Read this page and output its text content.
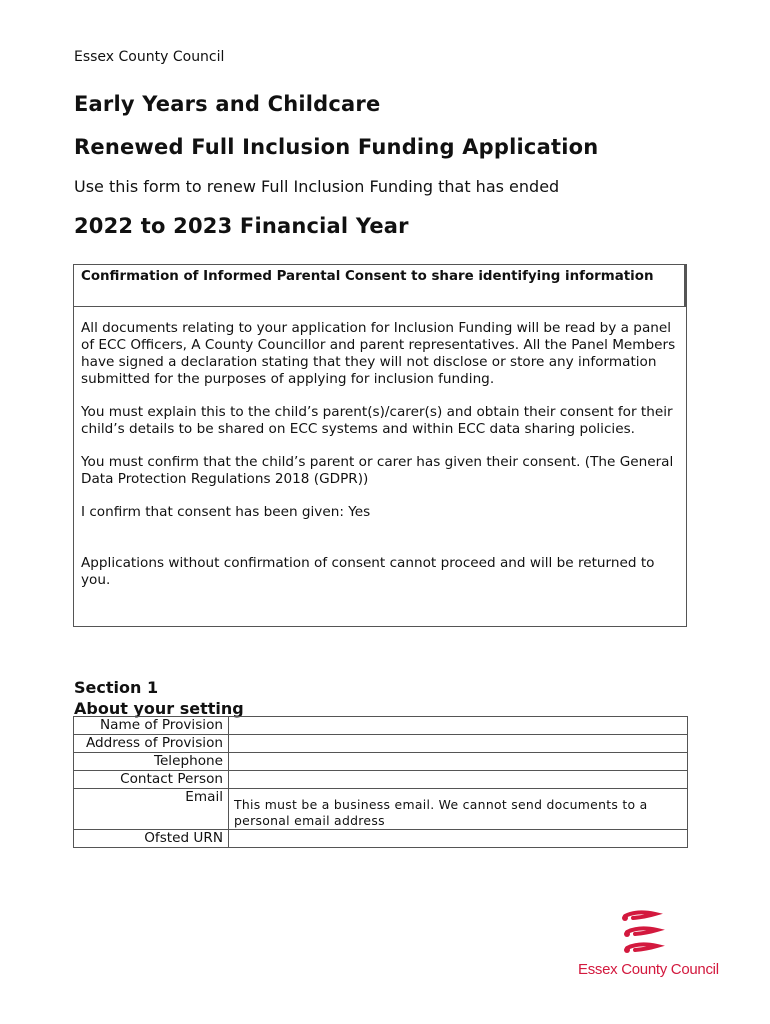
Essex County Council
Early Years and Childcare
Renewed Full Inclusion Funding Application
Use this form to renew Full Inclusion Funding that has ended
2022 to 2023 Financial Year
Confirmation of Informed Parental Consent to share identifying information

All documents relating to your application for Inclusion Funding will be read by a panel of ECC Officers, A County Councillor and parent representatives. All the Panel Members have signed a declaration stating that they will not disclose or store any information submitted for the purposes of applying for inclusion funding.

You must explain this to the child’s parent(s)/carer(s) and obtain their consent for their child’s details to be shared on ECC systems and within ECC data sharing policies.

You must confirm that the child’s parent or carer has given their consent. (The General Data Protection Regulations 2018 (GDPR))

I confirm that consent has been given: Yes

Applications without confirmation of consent cannot proceed and will be returned to you.

Section 1
About your setting
Name of Provision	
Address of Provision	
Telephone	
Contact Person	
Email	This must be a business email. We cannot send documents to a personal email address

Ofsted URN	
Essex County Council
